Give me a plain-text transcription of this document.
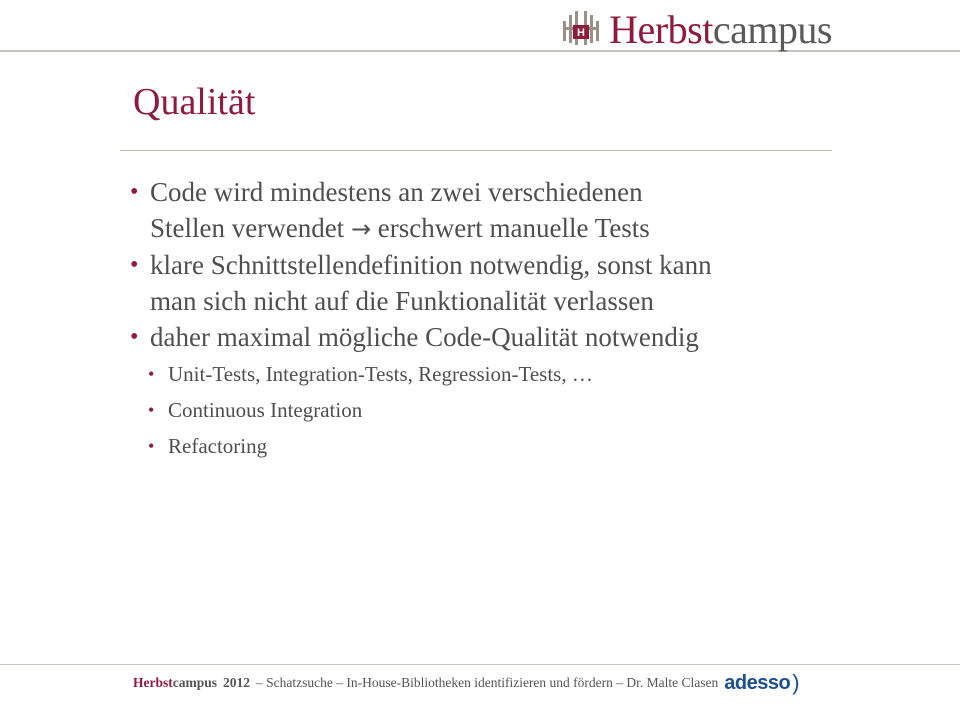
H Herbstcampus
Qualität
• Code wird mindestens an zwei verschiedenen
Stellen verwendet → erschwert manuelle Tests
• klare Schnittstellendefinition notwendig, sonst kann
man sich nicht auf die Funktionalität verlassen
• daher maximal mögliche Code-Qualität notwendig
• Unit-Tests, Integration-Tests, Regression-Tests, …
• Continuous Integration
• Refactoring
Herbstcampus 2012 – Schatzsuche – In-House-Bibliotheken identifizieren und fördern – Dr. Malte Clasen adesso )
